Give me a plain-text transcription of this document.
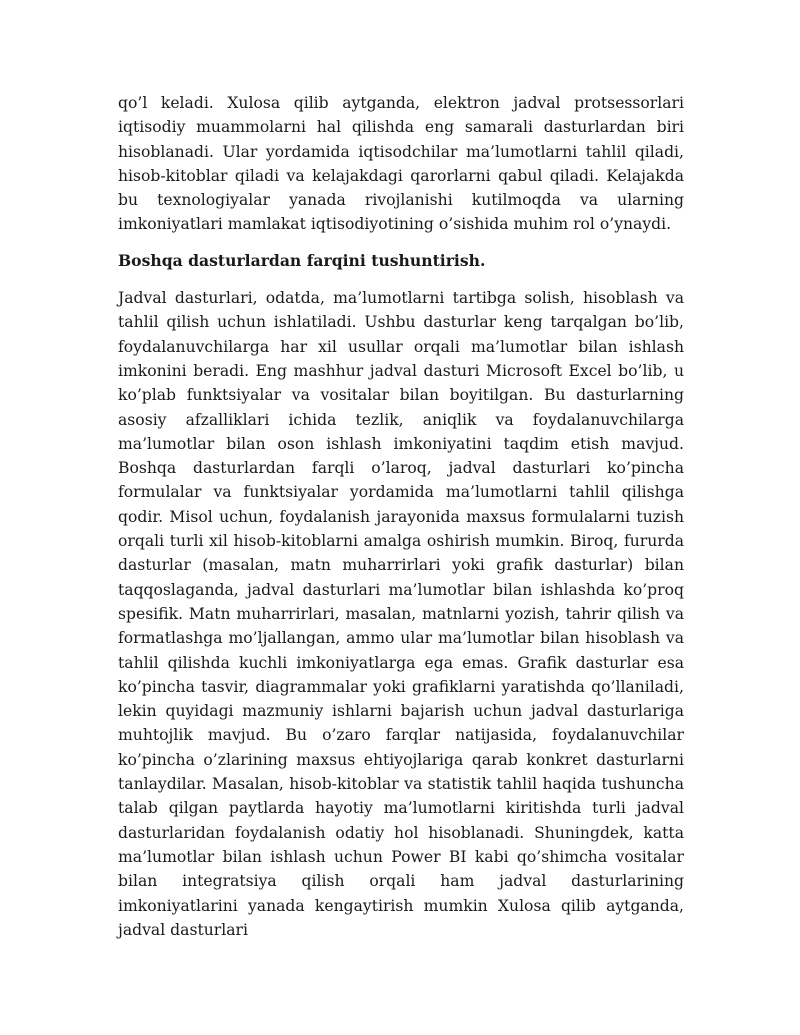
qo’l keladi. Xulosa qilib aytganda, elektron jadval protsessorlari iqtisodiy muammolarni hal qilishda eng samarali dasturlardan biri hisoblanadi. Ular yordamida iqtisodchilar ma’lumotlarni tahlil qiladi, hisob-kitoblar qiladi va kelajakdagi qarorlarni qabul qiladi. Kelajakda bu texnologiyalar yanada rivojlanishi kutilmoqda va ularning imkoniyatlari mamlakat iqtisodiyotining o’sishida muhim rol o’ynaydi.

Boshqa dasturlardan farqini tushuntirish.

Jadval dasturlari, odatda, ma’lumotlarni tartibga solish, hisoblash va tahlil qilish uchun ishlatiladi. Ushbu dasturlar keng tarqalgan bo’lib, foydalanuvchilarga har xil usullar orqali ma’lumotlar bilan ishlash imkonini beradi. Eng mashhur jadval dasturi Microsoft Excel bo’lib, u ko’plab funktsiyalar va vositalar bilan boyitilgan. Bu dasturlarning asosiy afzalliklari ichida tezlik, aniqlik va foydalanuvchilarga ma’lumotlar bilan oson ishlash imkoniyatini taqdim etish mavjud. Boshqa dasturlardan farqli o’laroq, jadval dasturlari ko’pincha formulalar va funktsiyalar yordamida ma’lumotlarni tahlil qilishga qodir. Misol uchun, foydalanish jarayonida maxsus formulalarni tuzish orqali turli xil hisob-kitoblarni amalga oshirish mumkin. Biroq, fururda dasturlar (masalan, matn muharrirlari yoki grafik dasturlar) bilan taqqoslaganda, jadval dasturlari ma’lumotlar bilan ishlashda ko’proq spesifik. Matn muharrirlari, masalan, matnlarni yozish, tahrir qilish va formatlashga mo’ljallangan, ammo ular ma’lumotlar bilan hisoblash va tahlil qilishda kuchli imkoniyatlarga ega emas. Grafik dasturlar esa ko’pincha tasvir, diagrammalar yoki grafiklarni yaratishda qo’llaniladi, lekin quyidagi mazmuniy ishlarni bajarish uchun jadval dasturlariga muhtojlik mavjud. Bu o’zaro farqlar natijasida, foydalanuvchilar ko’pincha o’zlarining maxsus ehtiyojlariga qarab konkret dasturlarni tanlaydilar. Masalan, hisob-kitoblar va statistik tahlil haqida tushuncha talab qilgan paytlarda hayotiy ma’lumotlarni kiritishda turli jadval dasturlaridan foydalanish odatiy hol hisoblanadi. Shuningdek, katta ma’lumotlar bilan ishlash uchun Power BI kabi qo’shimcha vositalar bilan integratsiya qilish orqali ham jadval dasturlarining imkoniyatlarini yanada kengaytirish mumkin Xulosa qilib aytganda, jadval dasturlari
